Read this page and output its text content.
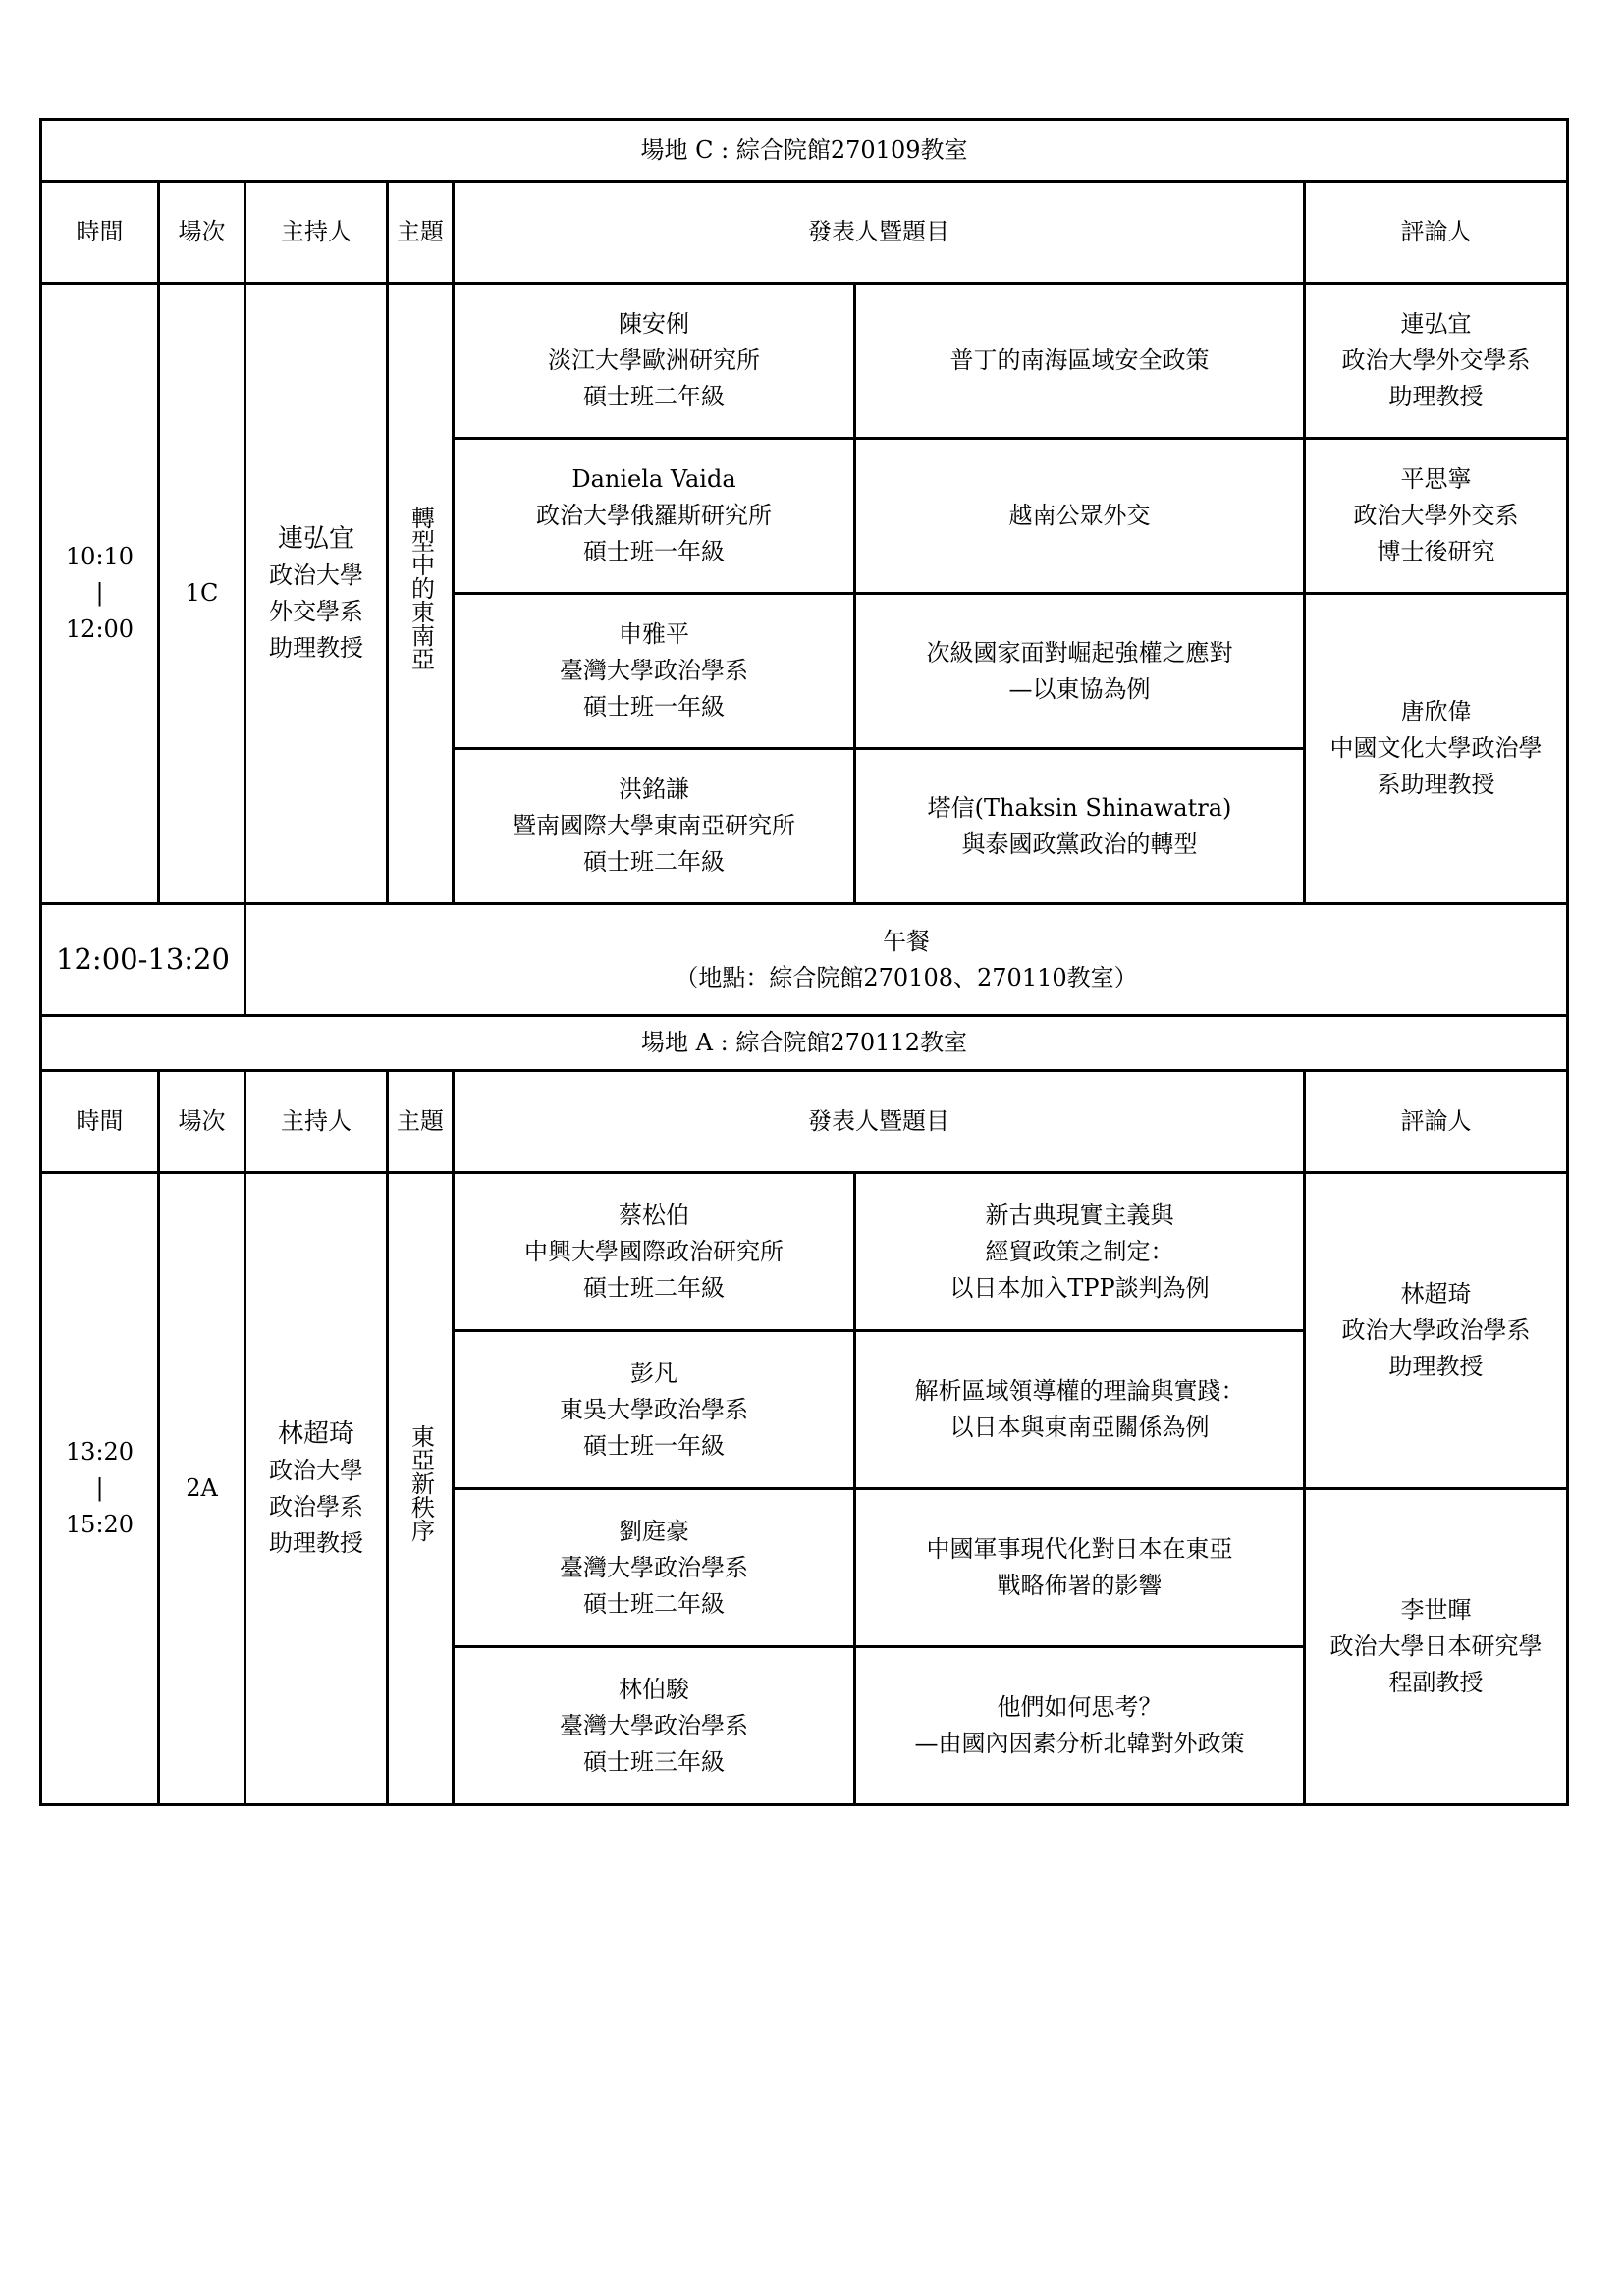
場地 C : 綜合院館270109教室						
時間	場次	主持人	主題	發表人暨題目		評論人
10:10
|
12:00	1C	連弘宜
政治大學
外交學系
助理教授	轉型中的東南亞	陳安俐
淡江大學歐洲研究所
碩士班二年級	普丁的南海區域安全政策	連弘宜
政治大學外交學系
助理教授
				Daniela Vaida
政治大學俄羅斯研究所
碩士班一年級	越南公眾外交	平思寧
政治大學外交系
博士後研究
				申雅平
臺灣大學政治學系
碩士班一年級	次級國家面對崛起強權之應對
—以東協為例	唐欣偉
中國文化大學政治學
系助理教授
				洪銘謙
暨南國際大學東南亞研究所
碩士班二年級	塔信(Thaksin Shinawatra)
與泰國政黨政治的轉型	
12:00-13:20		午餐
（地點：綜合院館270108、270110教室）				
場地 A : 綜合院館270112教室						
時間	場次	主持人	主題	發表人暨題目		評論人
13:20
|
15:20	2A	林超琦
政治大學
政治學系
助理教授	東亞新秩序	蔡松伯
中興大學國際政治研究所
碩士班二年級	新古典現實主義與
經貿政策之制定：
以日本加入TPP談判為例	林超琦
政治大學政治學系
助理教授
				彭凡
東吳大學政治學系
碩士班一年級	解析區域領導權的理論與實踐：
以日本與東南亞關係為例	
				劉庭豪
臺灣大學政治學系
碩士班二年級	中國軍事現代化對日本在東亞
戰略佈署的影響	李世暉
政治大學日本研究學
程副教授
				林伯駿
臺灣大學政治學系
碩士班三年級	他們如何思考？
—由國內因素分析北韓對外政策	
